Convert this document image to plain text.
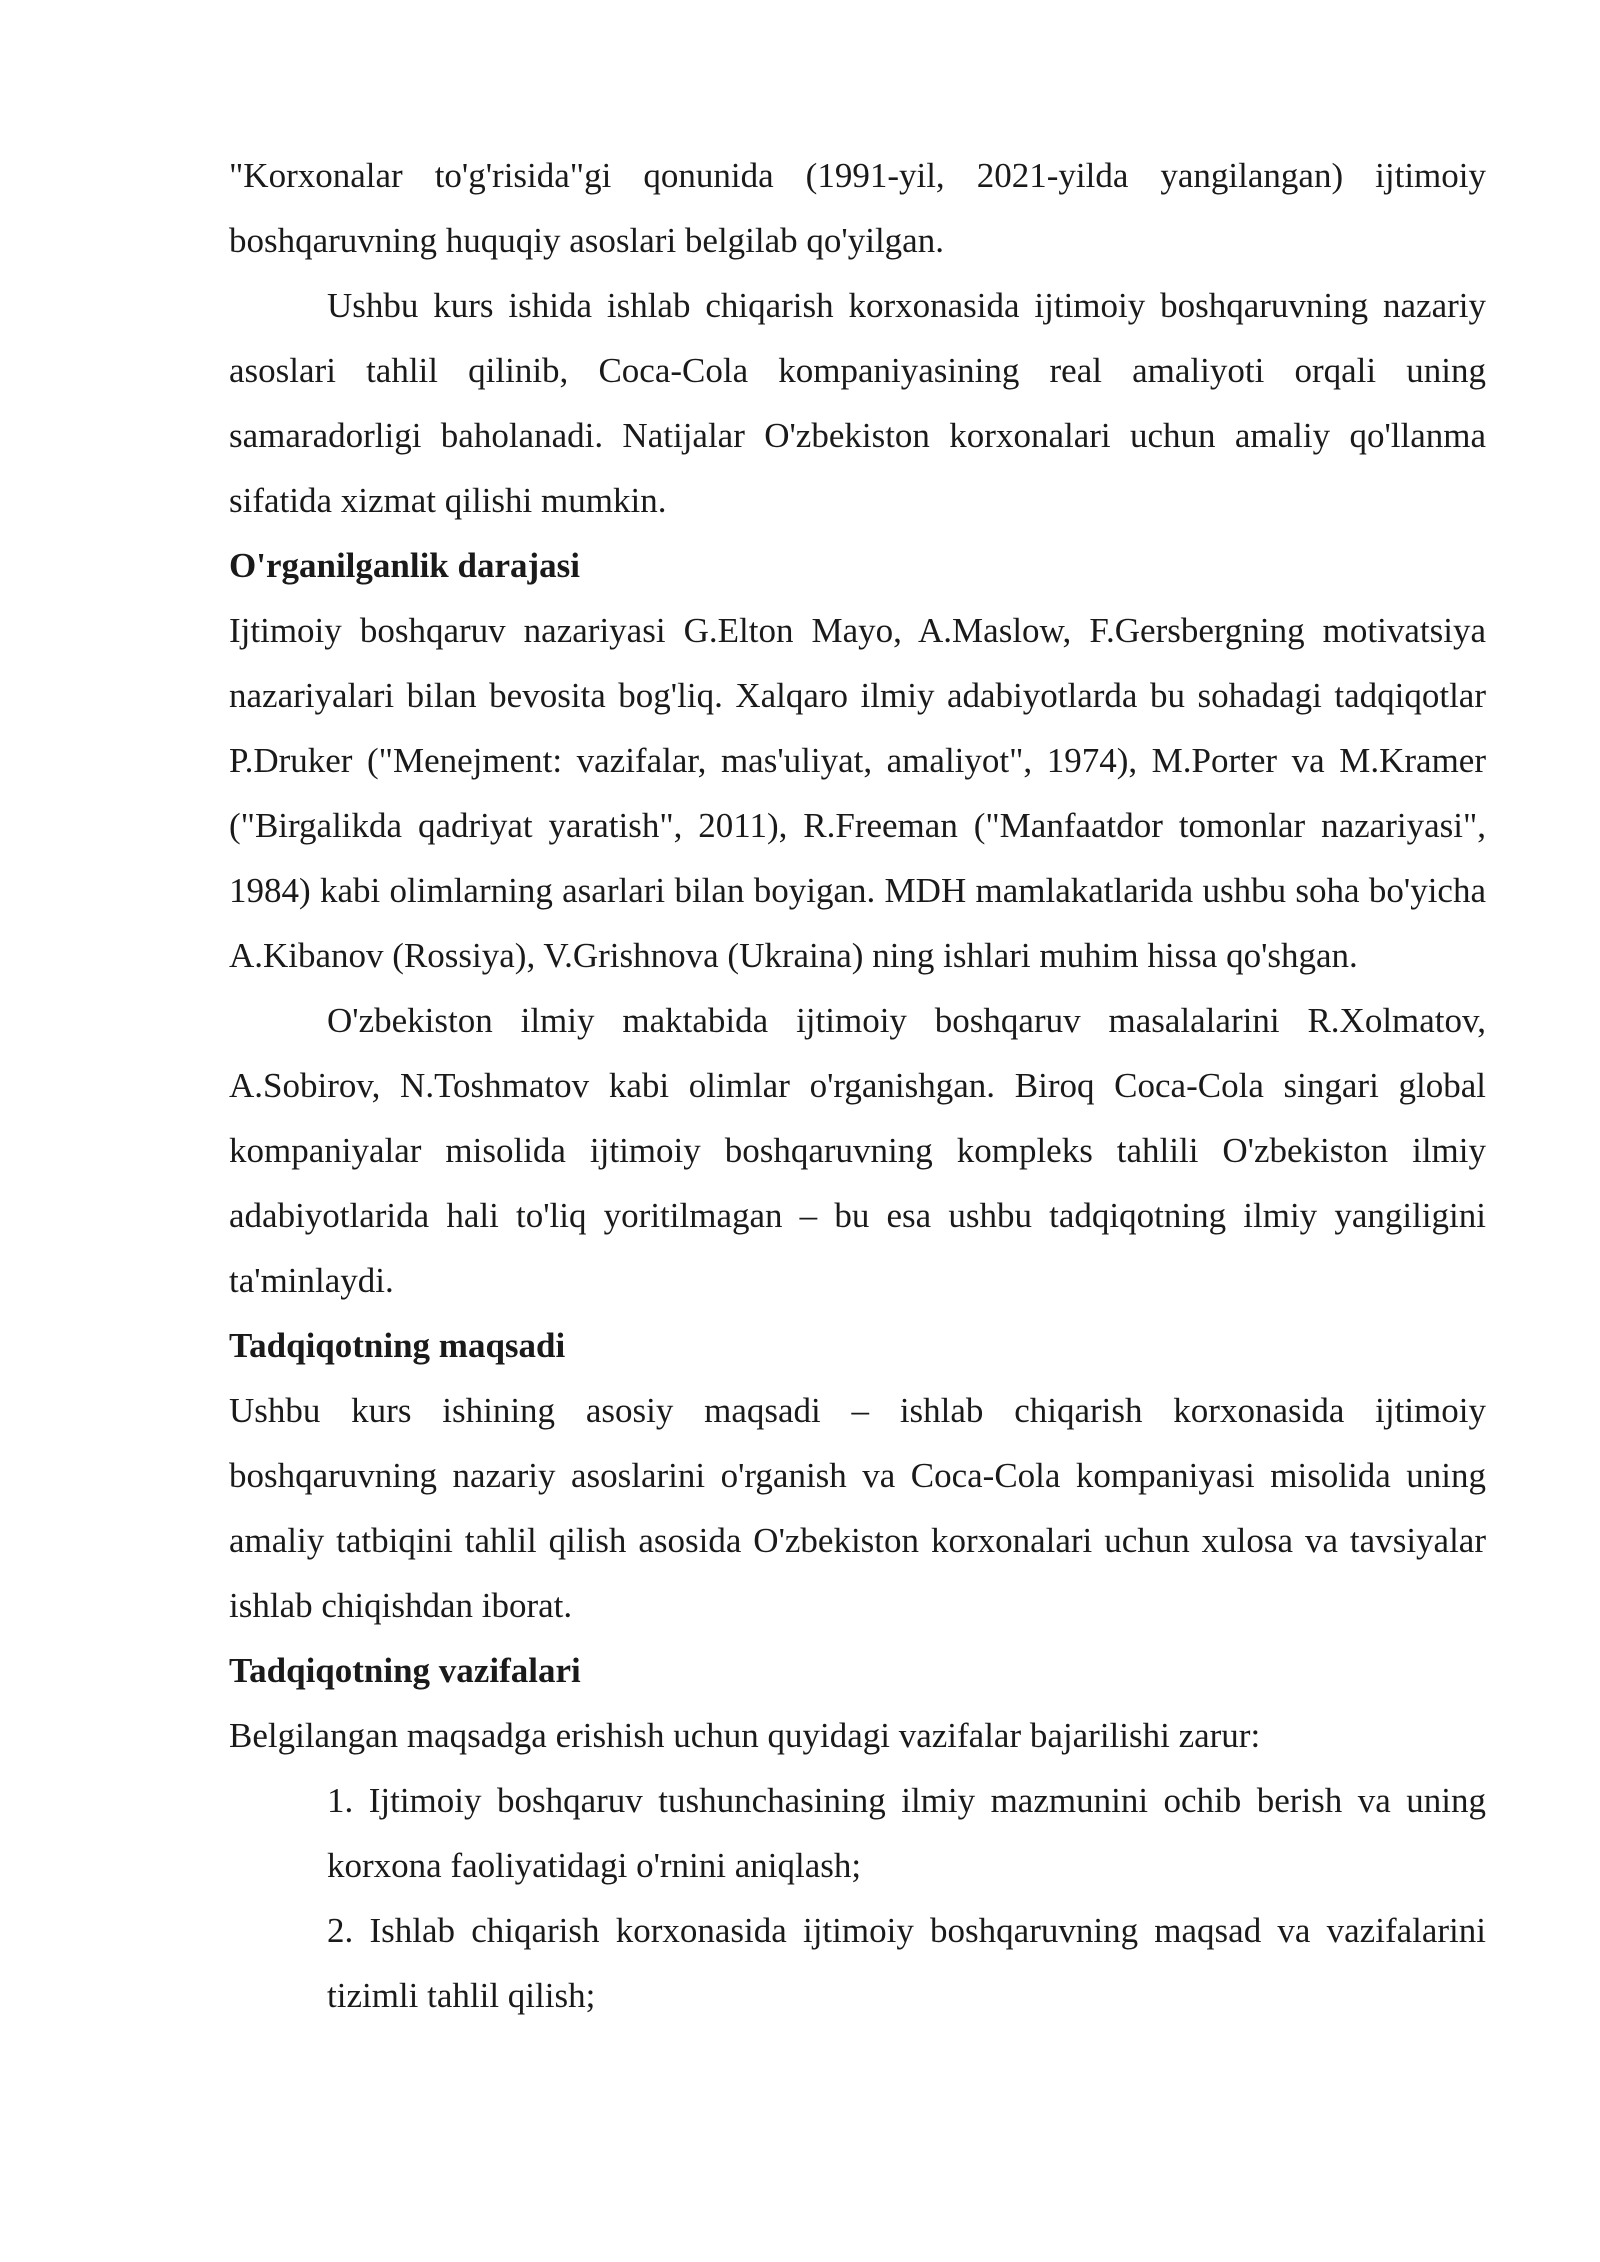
"Korxonalar to'g'risida"gi qonunida (1991-yil, 2021-yilda yangilangan) ijtimoiy boshqaruvning huquqiy asoslari belgilab qo'yilgan.

Ushbu kurs ishida ishlab chiqarish korxonasida ijtimoiy boshqaruvning nazariy asoslari tahlil qilinib, Coca-Cola kompaniyasining real amaliyoti orqali uning samaradorligi baholanadi. Natijalar O'zbekiston korxonalari uchun amaliy qo'llanma sifatida xizmat qilishi mumkin.

O'rganilganlik darajasi

Ijtimoiy boshqaruv nazariyasi G.Elton Mayo, A.Maslow, F.Gersbergning motivatsiya nazariyalari bilan bevosita bog'liq. Xalqaro ilmiy adabiyotlarda bu sohadagi tadqiqotlar P.Druker ("Menejment: vazifalar, mas'uliyat, amaliyot", 1974), M.Porter va M.Kramer ("Birgalikda qadriyat yaratish", 2011), R.Freeman ("Manfaatdor tomonlar nazariyasi", 1984) kabi olimlarning asarlari bilan boyigan. MDH mamlakatlarida ushbu soha bo'yicha A.Kibanov (Rossiya), V.Grishnova (Ukraina) ning ishlari muhim hissa qo'shgan.

O'zbekiston ilmiy maktabida ijtimoiy boshqaruv masalalarini R.Xolmatov, A.Sobirov, N.Toshmatov kabi olimlar o'rganishgan. Biroq Coca-Cola singari global kompaniyalar misolida ijtimoiy boshqaruvning kompleks tahlili O'zbekiston ilmiy adabiyotlarida hali to'liq yoritilmagan – bu esa ushbu tadqiqotning ilmiy yangiligini ta'minlaydi.

Tadqiqotning maqsadi

Ushbu kurs ishining asosiy maqsadi – ishlab chiqarish korxonasida ijtimoiy boshqaruvning nazariy asoslarini o'rganish va Coca-Cola kompaniyasi misolida uning amaliy tatbiqini tahlil qilish asosida O'zbekiston korxonalari uchun xulosa va tavsiyalar ishlab chiqishdan iborat.

Tadqiqotning vazifalari

Belgilangan maqsadga erishish uchun quyidagi vazifalar bajarilishi zarur:

1. Ijtimoiy boshqaruv tushunchasining ilmiy mazmunini ochib berish va uning korxona faoliyatidagi o'rnini aniqlash;

2. Ishlab chiqarish korxonasida ijtimoiy boshqaruvning maqsad va vazifalarini tizimli tahlil qilish;
